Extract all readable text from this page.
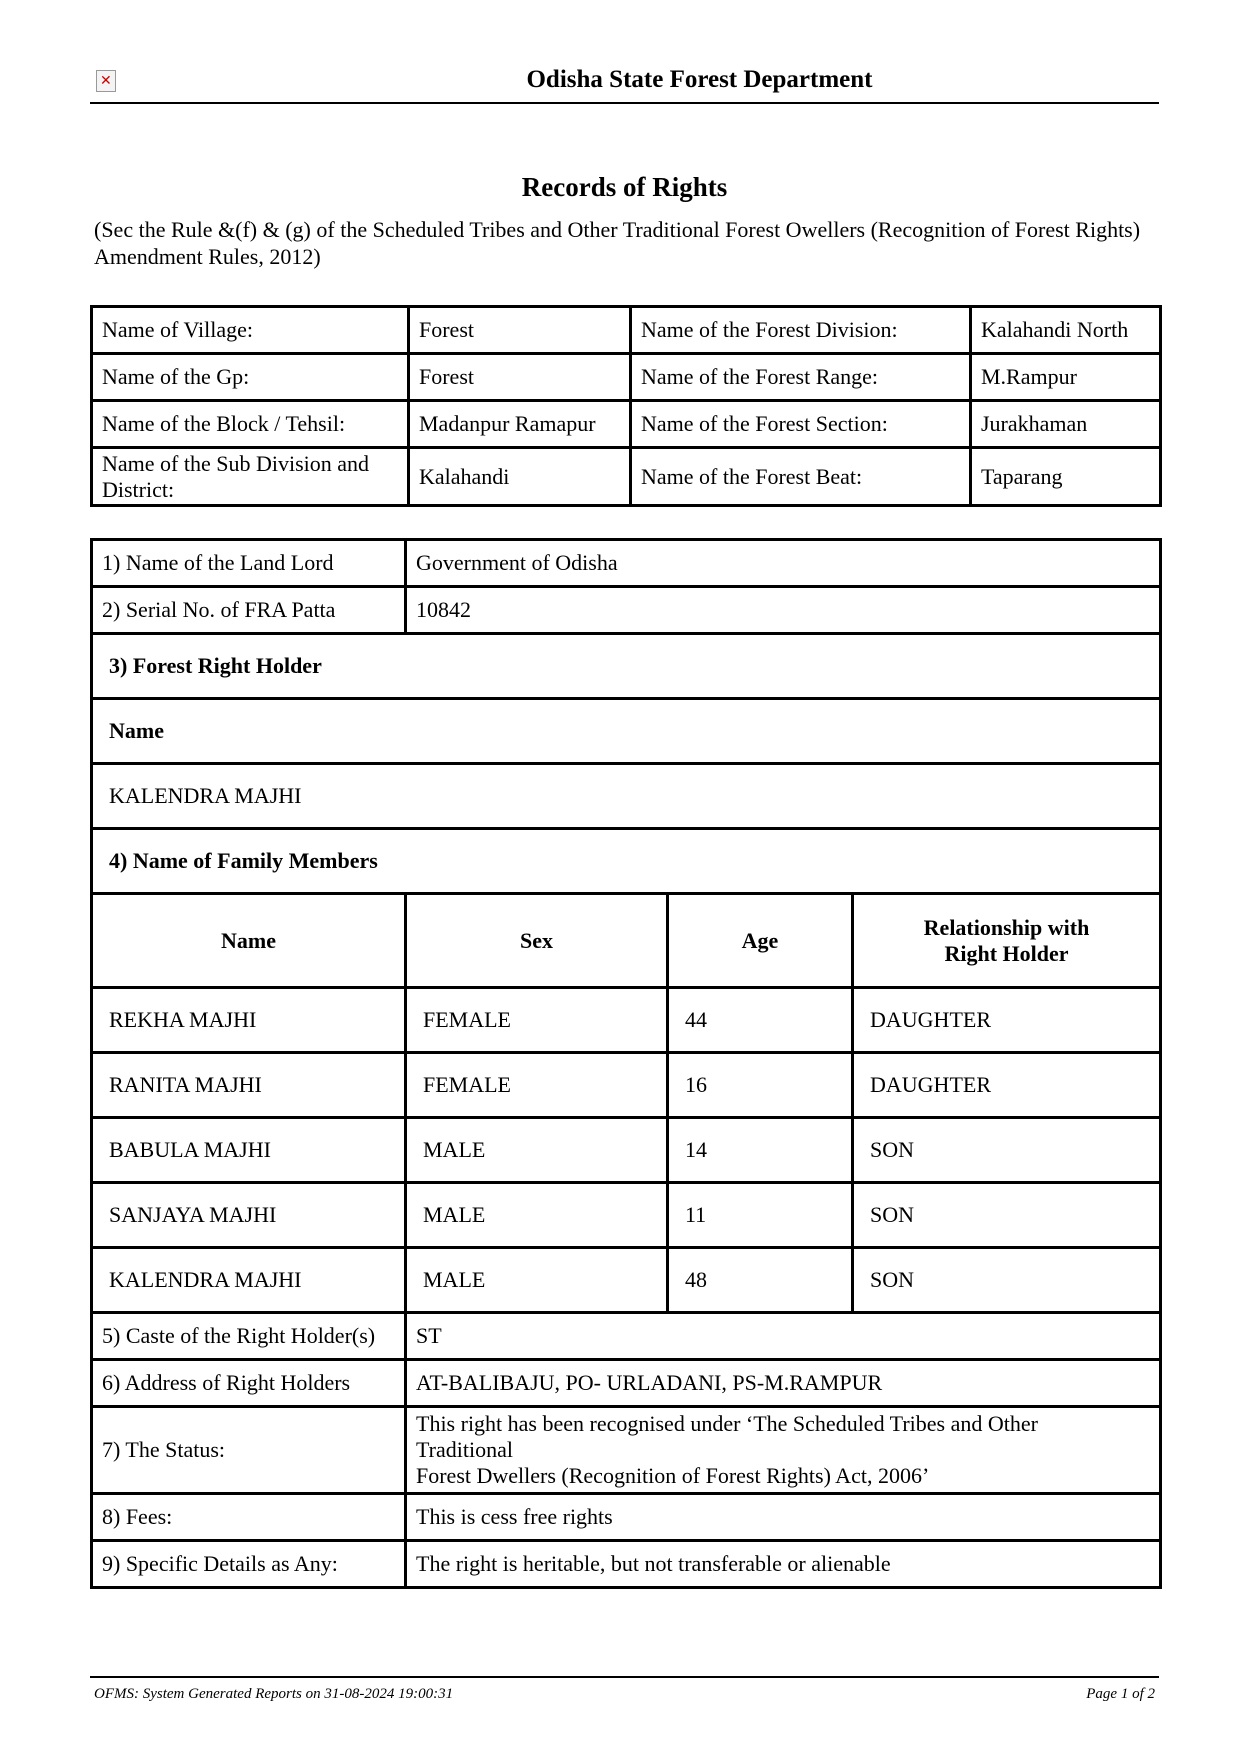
✕
Odisha State Forest Department
Records of Rights
(Sec the Rule &(f) & (g) of the Scheduled Tribes and Other Traditional Forest Owellers (Recognition of Forest Rights) Amendment Rules, 2012)
Name of Village:	Forest	Name of the Forest Division:	Kalahandi North
Name of the Gp:	Forest	Name of the Forest Range:	M.Rampur
Name of the Block / Tehsil:	Madanpur Ramapur	Name of the Forest Section:	Jurakhaman
Name of the Sub Division and District:	Kalahandi	Name of the Forest Beat:	Taparang
1) Name of the Land Lord	Government of Odisha		
2) Serial No. of FRA Patta	10842		
3) Forest Right Holder			
Name			
KALENDRA MAJHI			
4) Name of Family Members			
Name	Sex	Age	Relationship with Right Holder
REKHA MAJHI	FEMALE	44	DAUGHTER
RANITA MAJHI	FEMALE	16	DAUGHTER
BABULA MAJHI	MALE	14	SON
SANJAYA MAJHI	MALE	11	SON
KALENDRA MAJHI	MALE	48	SON
5) Caste of the Right Holder(s)	ST		
6) Address of Right Holders	AT-BALIBAJU, PO- URLADANI, PS-M.RAMPUR		
7) The Status:	This right has been recognised under ‘The Scheduled Tribes and Other Traditional
Forest Dwellers (Recognition of Forest Rights) Act, 2006’		

8) Fees:	This is cess free rights		
9) Specific Details as Any:	The right is heritable, but not transferable or alienable		
OFMS: System Generated Reports on 31-08-2024 19:00:31	Page 1 of 2
